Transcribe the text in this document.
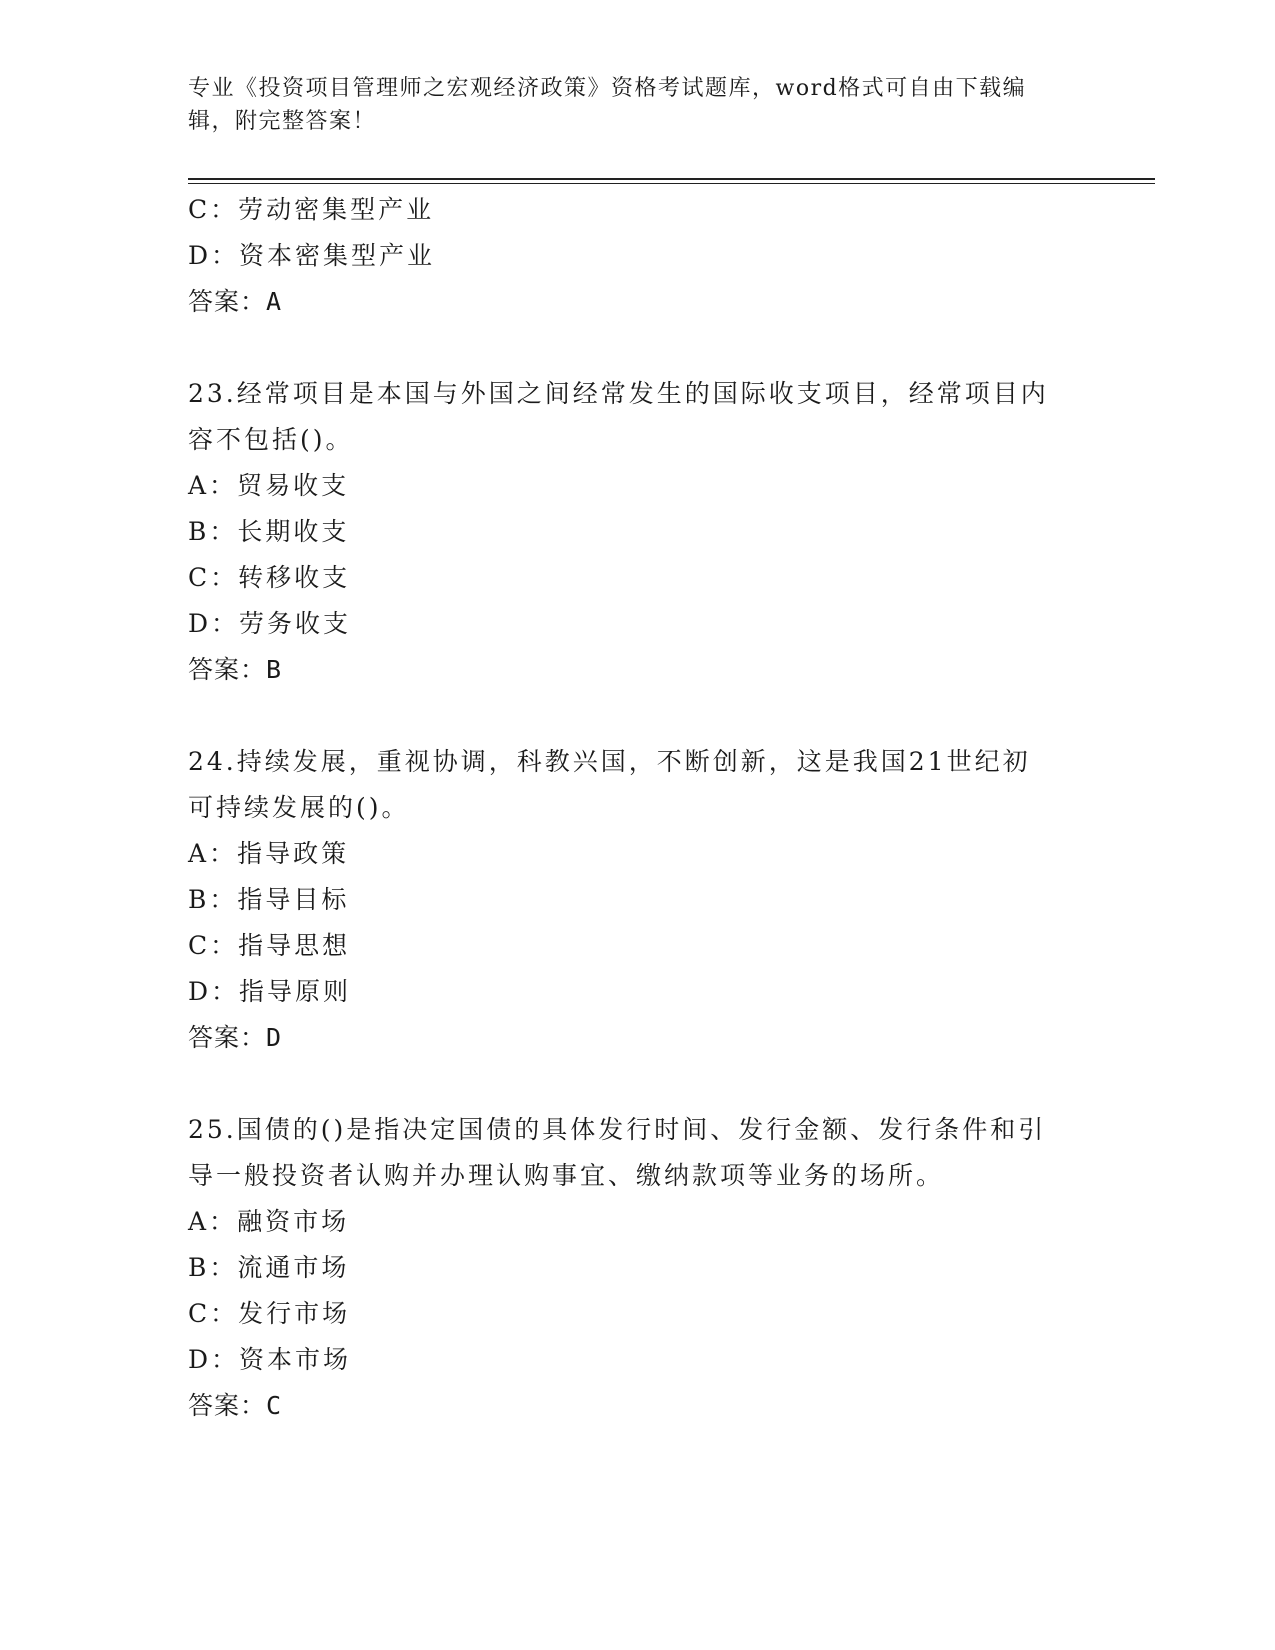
专业《投资项目管理师之宏观经济政策》资格考试题库，word格式可自由下载编
辑，附完整答案！
C：劳动密集型产业
D：资本密集型产业
答案：A
23.经常项目是本国与外国之间经常发生的国际收支项目，经常项目内
容不包括()。
A：贸易收支
B：长期收支
C：转移收支
D：劳务收支
答案：B
24.持续发展，重视协调，科教兴国，不断创新，这是我国21世纪初
可持续发展的()。
A：指导政策
B：指导目标
C：指导思想
D：指导原则
答案：D
25.国债的()是指决定国债的具体发行时间、发行金额、发行条件和引
导一般投资者认购并办理认购事宜、缴纳款项等业务的场所。
A：融资市场
B：流通市场
C：发行市场
D：资本市场
答案：C
